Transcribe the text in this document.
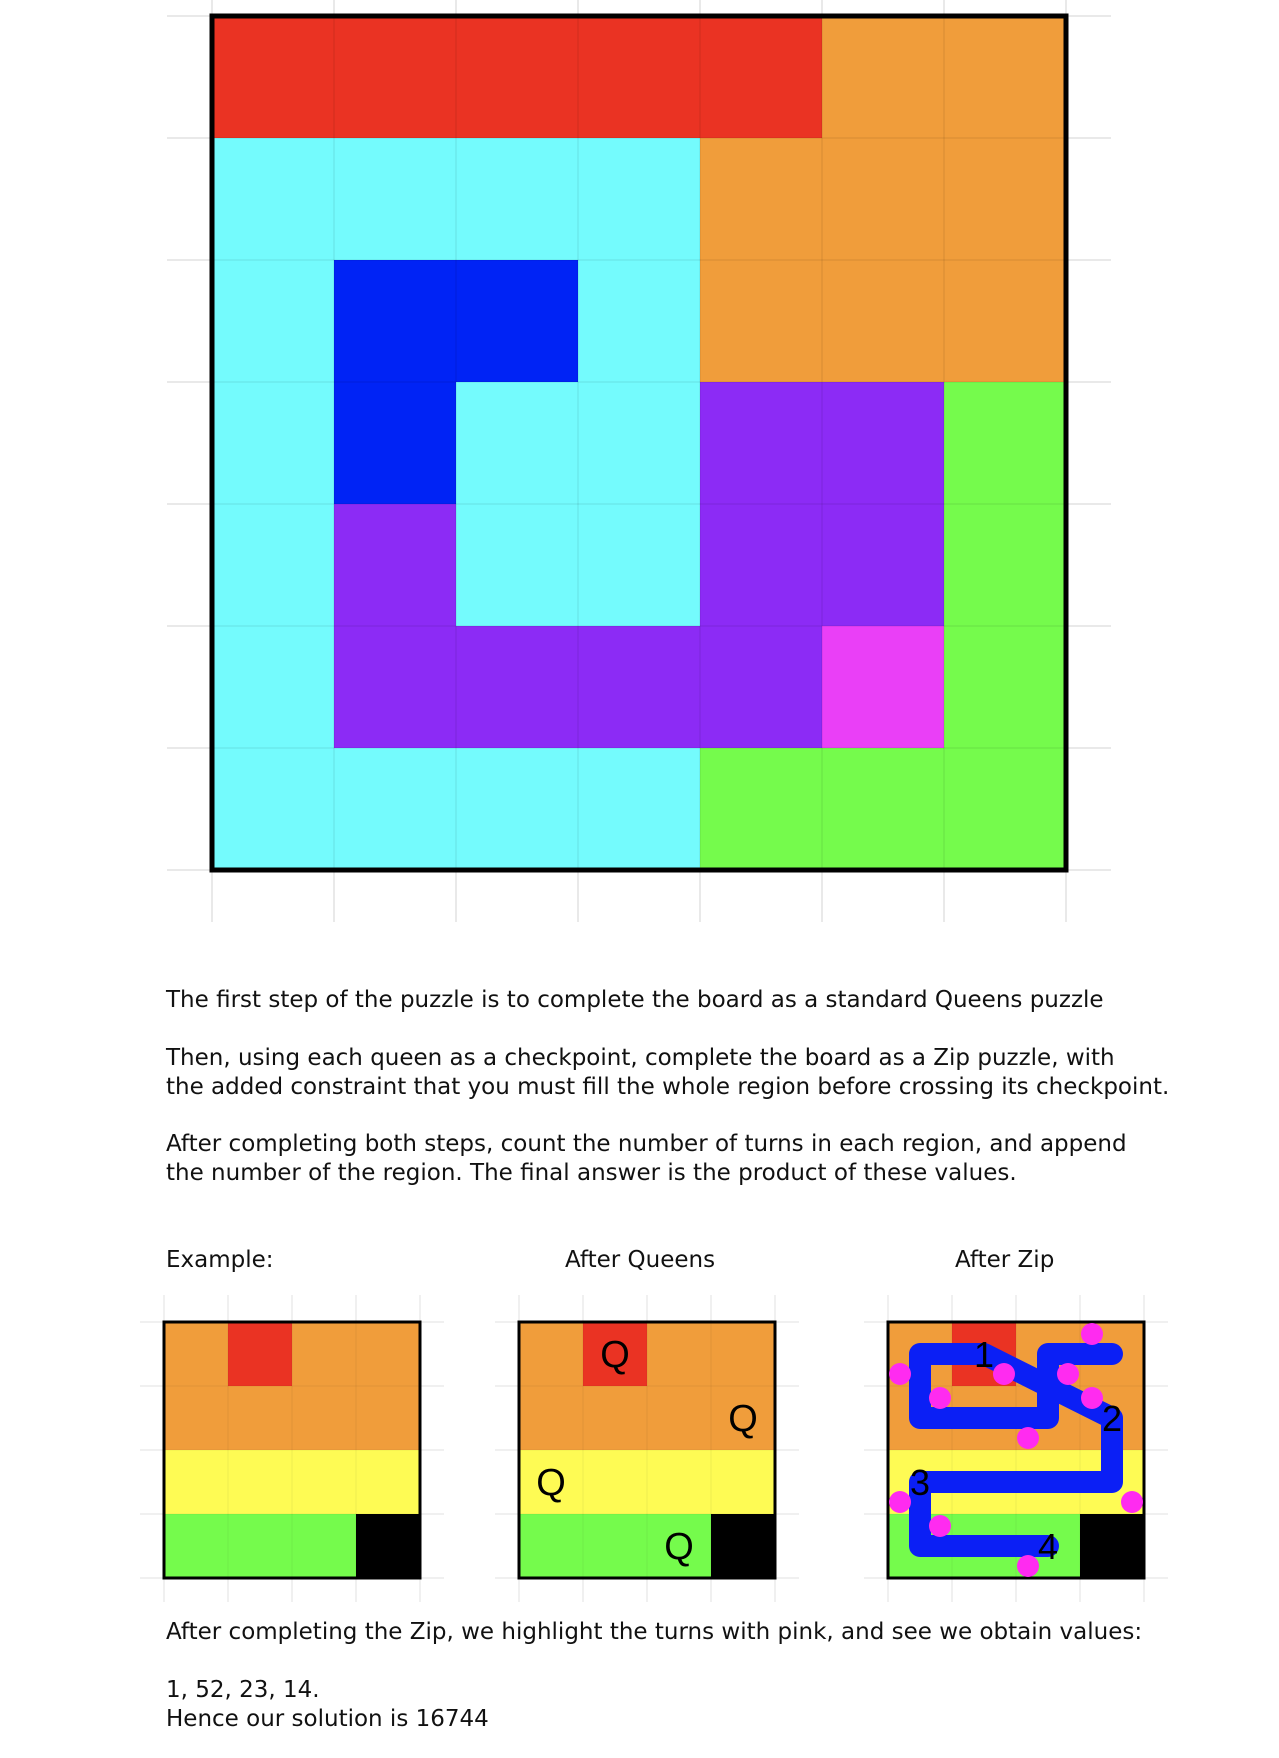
Q
Q
Q
Q
1
2
3
4

The first step of the puzzle is to complete the board as a standard Queens puzzle

Then, using each queen as a checkpoint, complete the board as a Zip puzzle, with
the added constraint that you must fill the whole region before crossing its checkpoint.

After completing both steps, count the number of turns in each region, and append
the number of the region. The final answer is the product of these values.

Example:	After Queens	After Zip

After completing the Zip, we highlight the turns with pink, and see we obtain values:

1, 52, 23, 14.

Hence our solution is 16744
